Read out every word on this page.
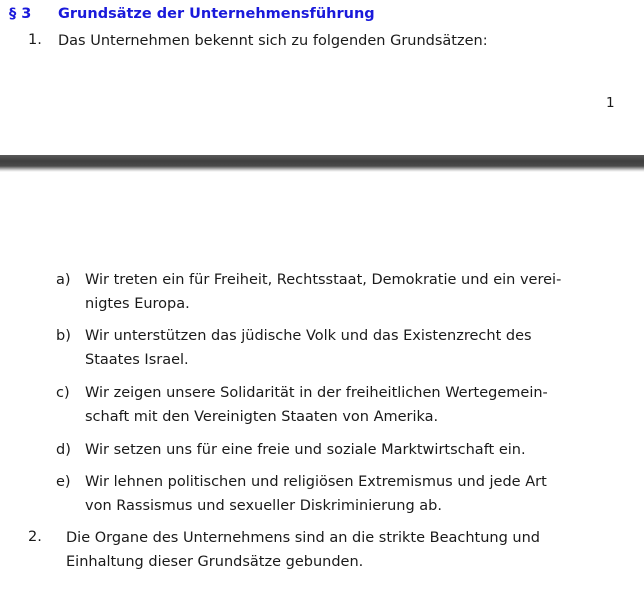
§ 3 Grundsätze der Unternehmensführung
1. Das Unternehmen bekennt sich zu folgenden Grundsätzen:
1
a) Wir treten ein für Freiheit, Rechtsstaat, Demokratie und ein verei-
nigtes Europa.
b) Wir unterstützen das jüdische Volk und das Existenzrecht des
Staates Israel.
c) Wir zeigen unsere Solidarität in der freiheitlichen Wertegemein-
schaft mit den Vereinigten Staaten von Amerika.
d) Wir setzen uns für eine freie und soziale Marktwirtschaft ein.
e) Wir lehnen politischen und religiösen Extremismus und jede Art
von Rassismus und sexueller Diskriminierung ab.
2. Die Organe des Unternehmens sind an die strikte Beachtung und
Einhaltung dieser Grundsätze gebunden.
